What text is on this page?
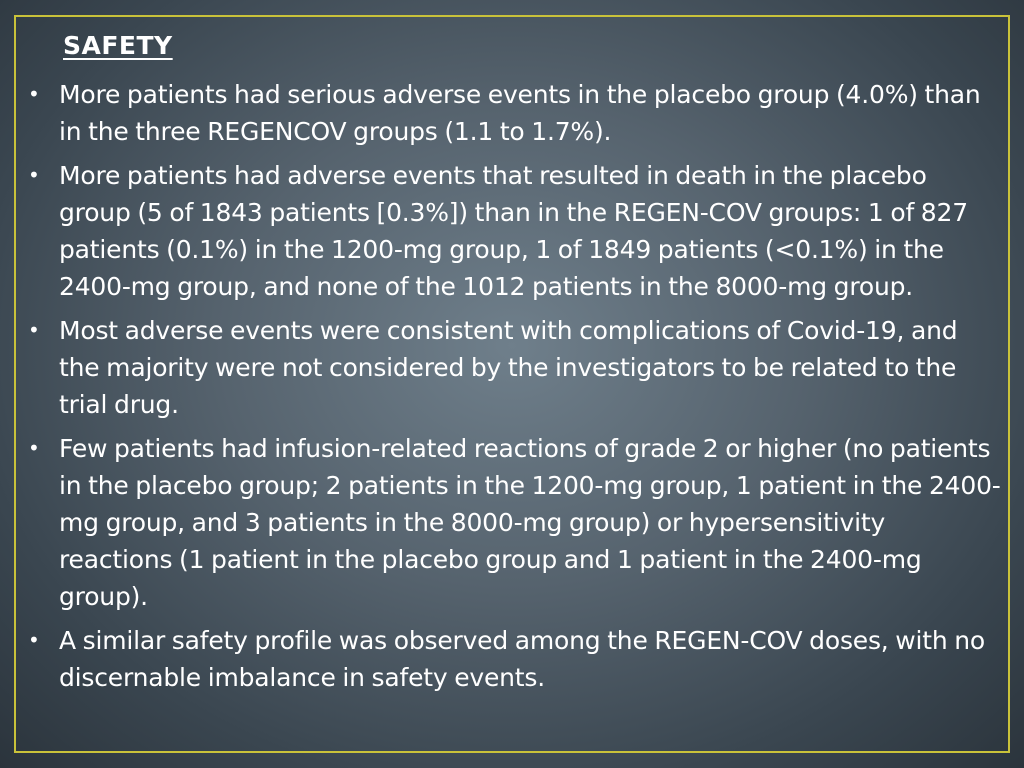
SAFETY
• More patients had serious adverse events in the placebo group (4.0%) than in the three REGENCOV groups (1.1 to 1.7%).
• More patients had adverse events that resulted in death in the placebo group (5 of 1843 patients [0.3%]) than in the REGEN-COV groups: 1 of 827 patients (0.1%) in the 1200-mg group, 1 of 1849 patients (<0.1%) in the 2400-mg group, and none of the 1012 patients in the 8000-mg group.
• Most adverse events were consistent with complications of Covid-19, and the majority were not considered by the investigators to be related to the trial drug.
• Few patients had infusion-related reactions of grade 2 or higher (no patients in the placebo group; 2 patients in the 1200-mg group, 1 patient in the 2400-mg group, and 3 patients in the 8000-mg group) or hypersensitivity reactions (1 patient in the placebo group and 1 patient in the 2400-mg group).
• A similar safety profile was observed among the REGEN-COV doses, with no discernable imbalance in safety events.
